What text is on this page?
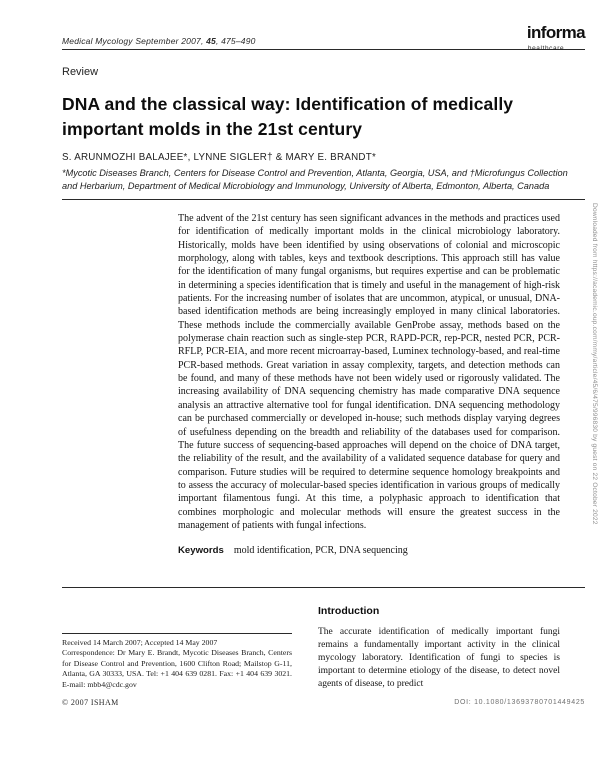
Medical Mycology September 2007, 45, 475–490	informa
healthcare
Review
DNA and the classical way: Identification of medically important molds in the 21st century
S. ARUNMOZHI BALAJEE*, LYNNE SIGLER† & MARY E. BRANDT*
*Mycotic Diseases Branch, Centers for Disease Control and Prevention, Atlanta, Georgia, USA, and †Microfungus Collection and Herbarium, Department of Medical Microbiology and Immunology, University of Alberta, Edmonton, Alberta, Canada
The advent of the 21st century has seen significant advances in the methods and practices used for identification of medically important molds in the clinical microbiology laboratory. Historically, molds have been identified by using observations of colonial and microscopic morphology, along with tables, keys and textbook descriptions. This approach still has value for the identification of many fungal organisms, but requires expertise and can be problematic in determining a species identification that is timely and useful in the management of high-risk patients. For the increasing number of isolates that are uncommon, atypical, or unusual, DNA-based identification methods are being increasingly employed in many clinical laboratories. These methods include the commercially available GenProbe assay, methods based on the polymerase chain reaction such as single-step PCR, RAPD-PCR, rep-PCR, nested PCR, PCR-RFLP, PCR-EIA, and more recent microarray-based, Luminex technology-based, and real-time PCR-based methods. Great variation in assay complexity, targets, and detection methods can be found, and many of these methods have not been widely used or rigorously validated. The increasing availability of DNA sequencing chemistry has made comparative DNA sequence analysis an attractive alternative tool for fungal identification. DNA sequencing methodology can be purchased commercially or developed in-house; such methods display varying degrees of usefulness depending on the breadth and reliability of the databases used for comparison. The future success of sequencing-based approaches will depend on the choice of DNA target, the reliability of the result, and the availability of a validated sequence database for query and comparison. Future studies will be required to determine sequence homology breakpoints and to assess the accuracy of molecular-based species identification in various groups of medically important filamentous fungi. At this time, a polyphasic approach to identification that combines morphologic and molecular methods will ensure the greatest success in the management of patients with fungal infections.
Keywords mold identification, PCR, DNA sequencing
Received 14 March 2007; Accepted 14 May 2007
Correspondence: Dr Mary E. Brandt, Mycotic Diseases Branch, Centers for Disease Control and Prevention, 1600 Clifton Road; Mailstop G-11, Atlanta, GA 30333, USA. Tel: +1 404 639 0281. Fax: +1 404 639 3021. E-mail: mbb4@cdc.gov
© 2007 ISHAM
Introduction
The accurate identification of medically important fungi remains a fundamentally important activity in the clinical mycology laboratory. Identification of fungi to species is important to determine etiology of the disease, to detect novel agents of disease, to predict
DOI: 10.1080/13693780701449425
Downloaded from https://academic.oup.com/mmy/article/45/6/475/996830 by guest on 22 October 2022
